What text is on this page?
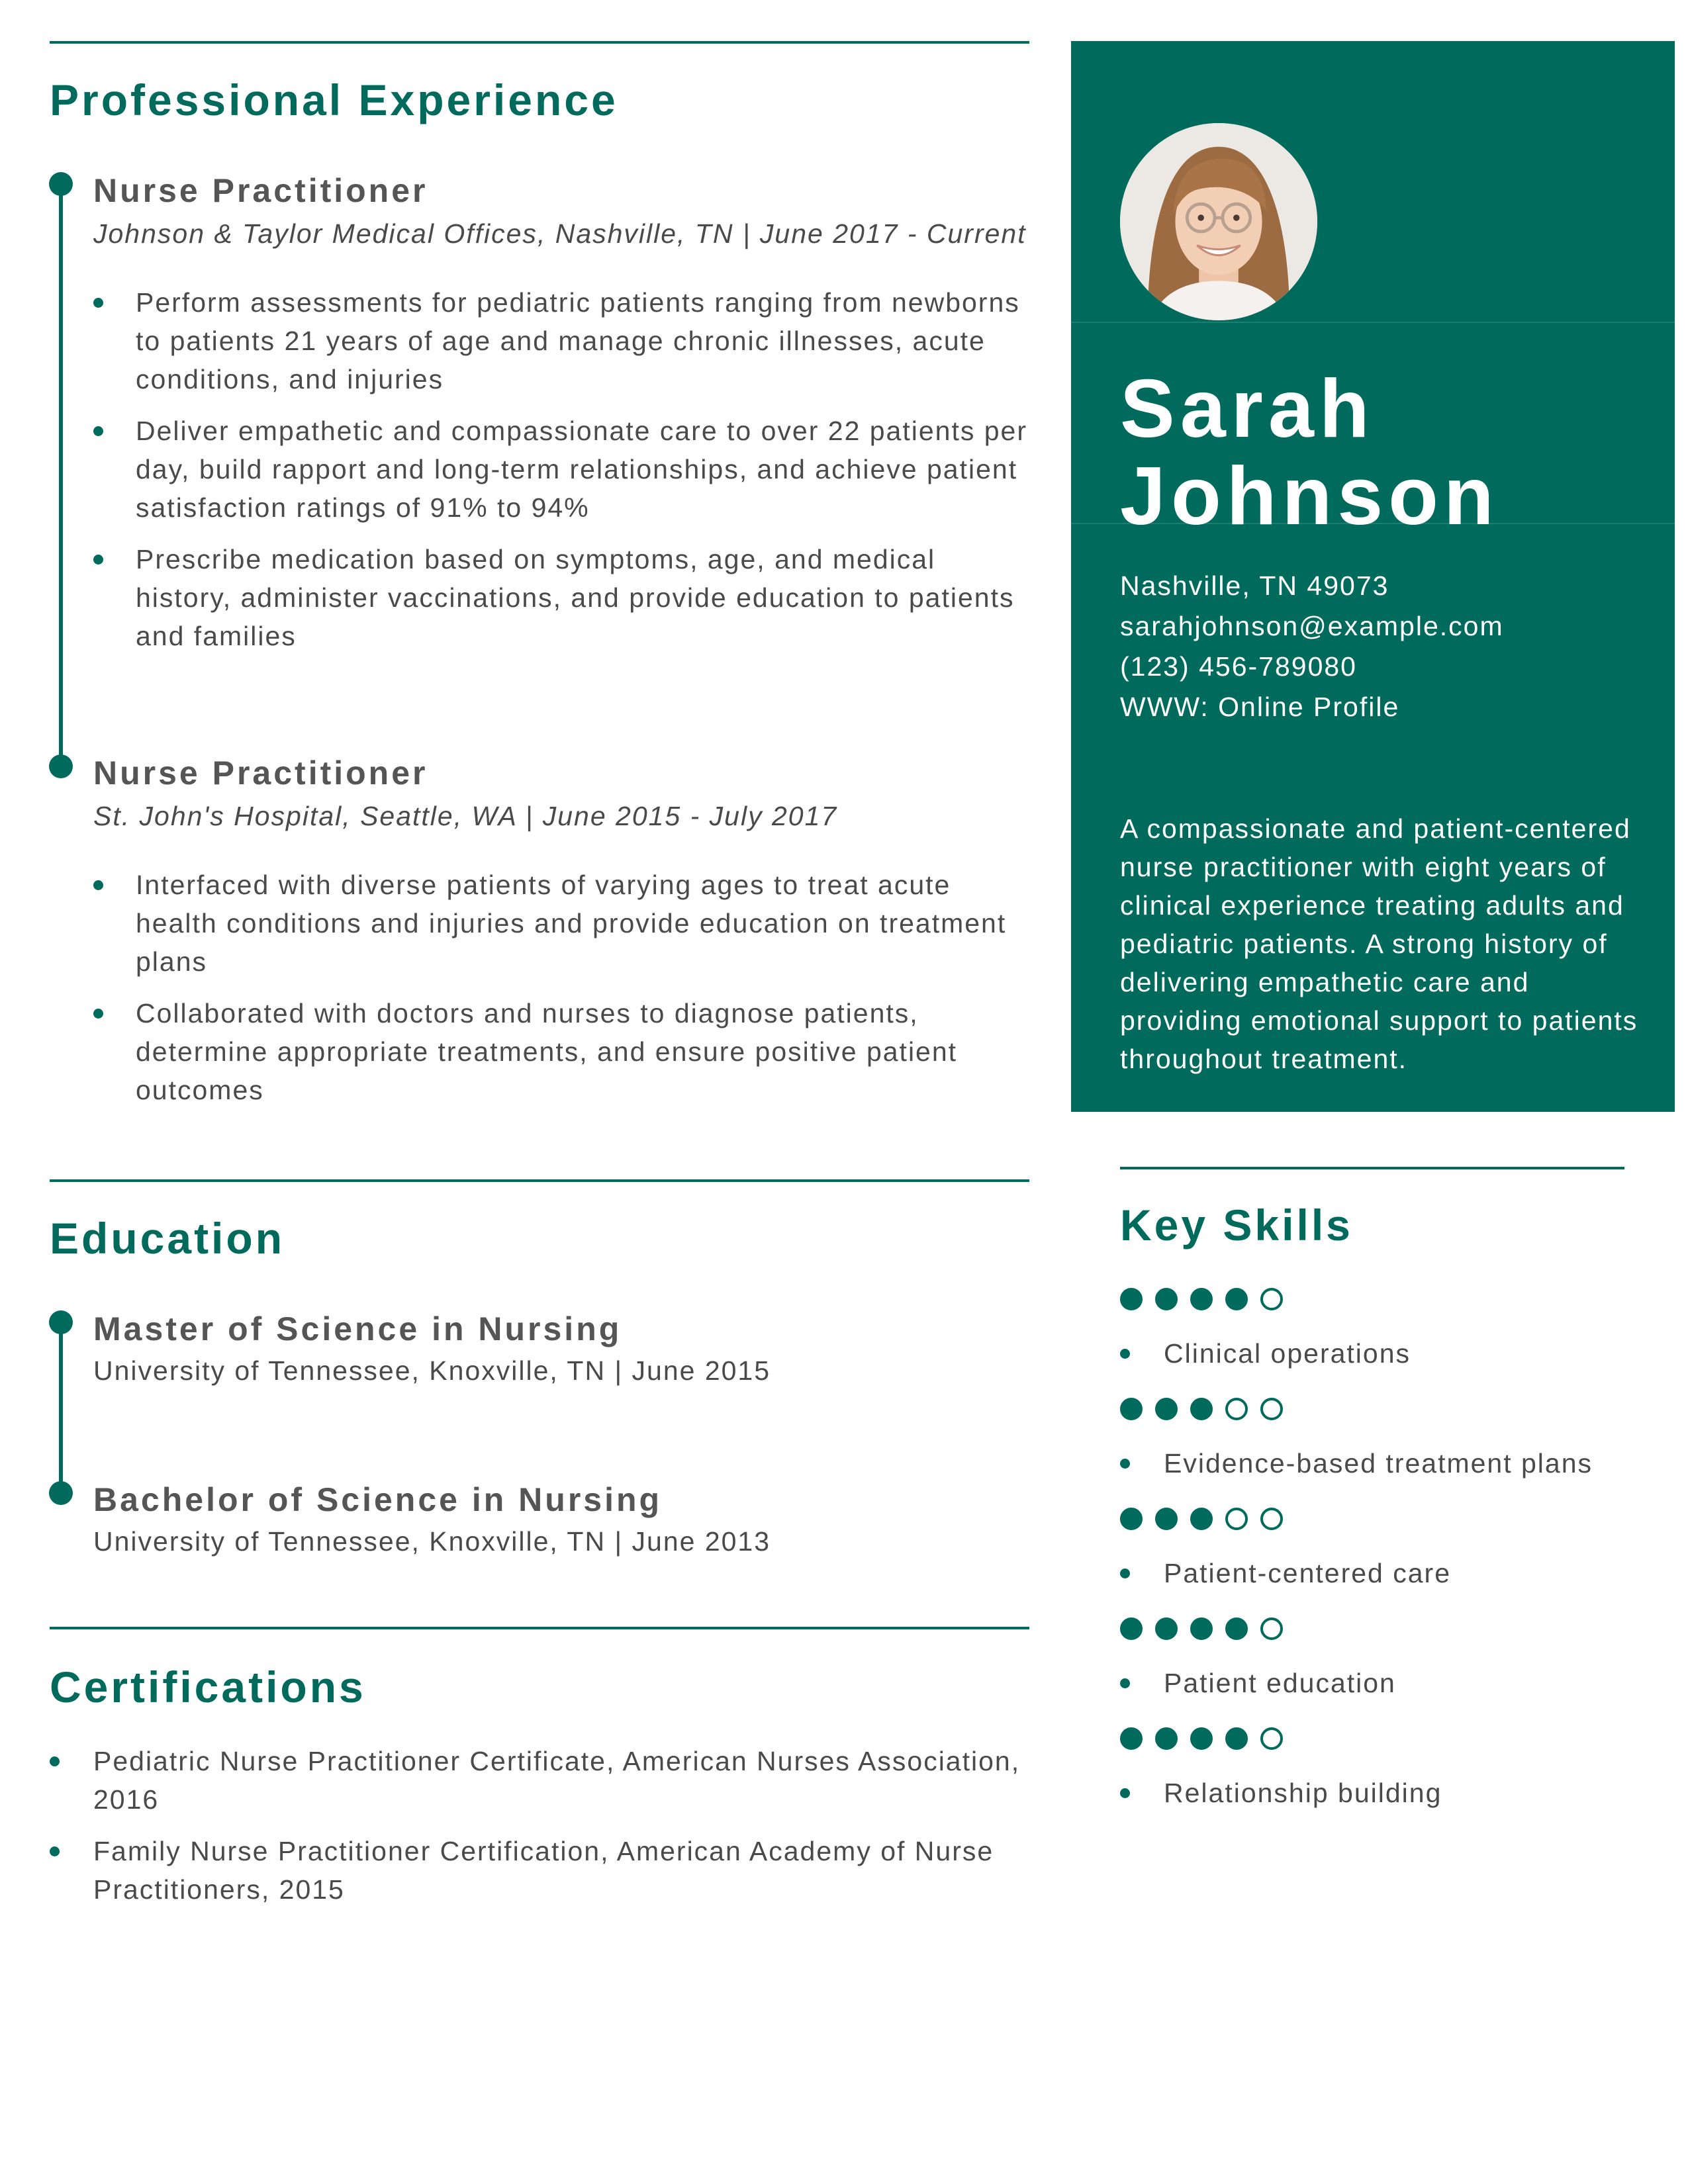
Professional Experience
Nurse Practitioner
Johnson & Taylor Medical Offices, Nashville, TN | June 2017 - Current
Perform assessments for pediatric patients ranging from newborns to patients 21 years of age and manage chronic illnesses, acute conditions, and injuries
Deliver empathetic and compassionate care to over 22 patients per day, build rapport and long-term relationships, and achieve patient satisfaction ratings of 91% to 94%
Prescribe medication based on symptoms, age, and medical history, administer vaccinations, and provide education to patients and families
Nurse Practitioner
St. John's Hospital, Seattle, WA | June 2015 - July 2017
Interfaced with diverse patients of varying ages to treat acute health conditions and injuries and provide education on treatment plans
Collaborated with doctors and nurses to diagnose patients, determine appropriate treatments, and ensure positive patient outcomes
Education
Master of Science in Nursing
University of Tennessee, Knoxville, TN | June 2015
Bachelor of Science in Nursing
University of Tennessee, Knoxville, TN | June 2013
Certifications
Pediatric Nurse Practitioner Certificate, American Nurses Association, 2016
Family Nurse Practitioner Certification, American Academy of Nurse Practitioners, 2015
Sarah
Johnson
Nashville, TN 49073
sarahjohnson@example.com
(123) 456-789080
WWW: Online Profile
A compassionate and patient-centered nurse practitioner with eight years of clinical experience treating adults and pediatric patients. A strong history of delivering empathetic care and providing emotional support to patients throughout treatment.
Key Skills
Clinical operations
Evidence-based treatment plans
Patient-centered care
Patient education
Relationship building
